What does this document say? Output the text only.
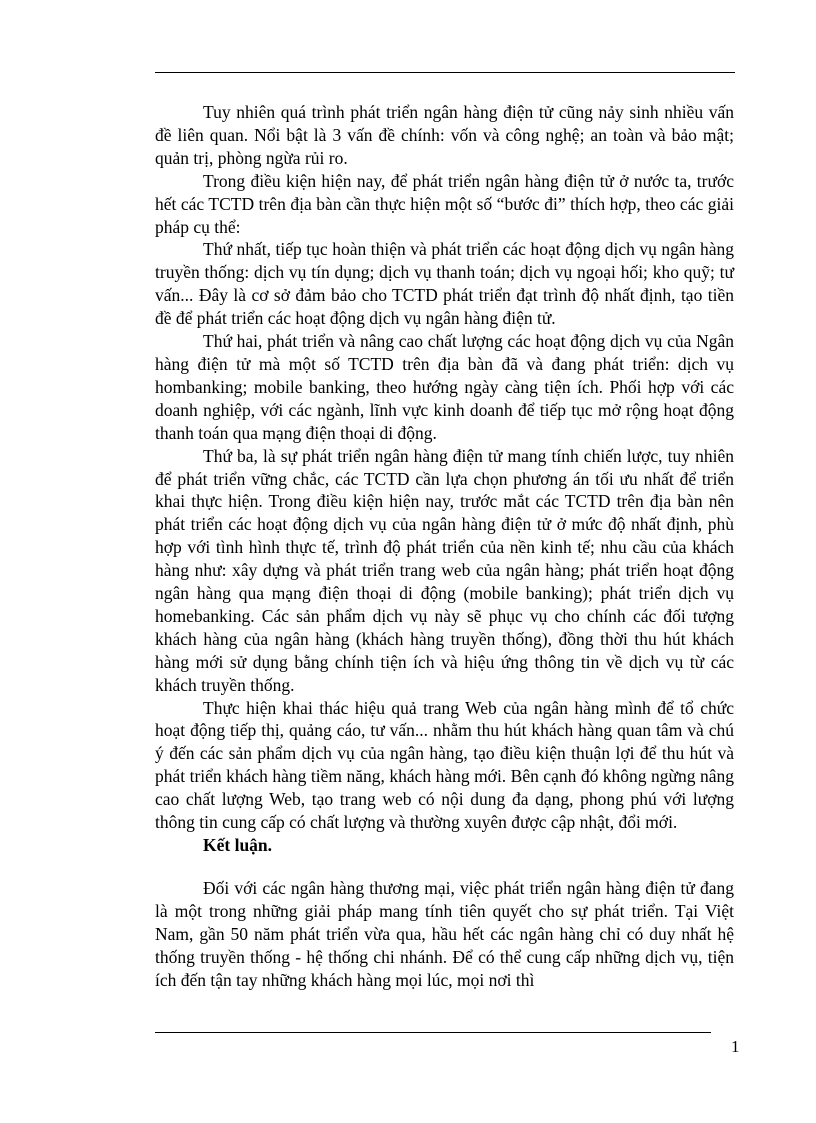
Tuy nhiên quá trình phát triển ngân hàng điện tử cũng nảy sinh nhiều vấn đề liên quan. Nổi bật là 3 vấn đề chính: vốn và công nghệ; an toàn và bảo mật; quản trị, phòng ngừa rủi ro.

Trong điều kiện hiện nay, để phát triển ngân hàng điện tử ở nước ta, trước hết các TCTD trên địa bàn cần thực hiện một số “bước đi” thích hợp, theo các giải pháp cụ thể:

Thứ nhất, tiếp tục hoàn thiện và phát triển các hoạt động dịch vụ ngân hàng truyền thống: dịch vụ tín dụng; dịch vụ thanh toán; dịch vụ ngoại hối; kho quỹ; tư vấn... Đây là cơ sở đảm bảo cho TCTD phát triển đạt trình độ nhất định, tạo tiền đề để phát triển các hoạt động dịch vụ ngân hàng điện tử.

Thứ hai, phát triển và nâng cao chất lượng các hoạt động dịch vụ của Ngân hàng điện tử mà một số TCTD trên địa bàn đã và đang phát triển: dịch vụ hombanking; mobile banking, theo hướng ngày càng tiện ích. Phối hợp với các doanh nghiệp, với các ngành, lĩnh vực kinh doanh để tiếp tục mở rộng hoạt động thanh toán qua mạng điện thoại di động.

Thứ ba, là sự phát triển ngân hàng điện tử mang tính chiến lược, tuy nhiên để phát triển vững chắc, các TCTD cần lựa chọn phương án tối ưu nhất để triển khai thực hiện. Trong điều kiện hiện nay, trước mắt các TCTD trên địa bàn nên phát triển các hoạt động dịch vụ của ngân hàng điện tử ở mức độ nhất định, phù hợp với tình hình thực tế, trình độ phát triển của nền kinh tế; nhu cầu của khách hàng như: xây dựng và phát triển trang web của ngân hàng; phát triển hoạt động ngân hàng qua mạng điện thoại di động (mobile banking); phát triển dịch vụ homebanking. Các sản phẩm dịch vụ này sẽ phục vụ cho chính các đối tượng khách hàng của ngân hàng (khách hàng truyền thống), đồng thời thu hút khách hàng mới sử dụng bằng chính tiện ích và hiệu ứng thông tin về dịch vụ từ các khách truyền thống.

Thực hiện khai thác hiệu quả trang Web của ngân hàng mình để tổ chức hoạt động tiếp thị, quảng cáo, tư vấn... nhằm thu hút khách hàng quan tâm và chú ý đến các sản phẩm dịch vụ của ngân hàng, tạo điều kiện thuận lợi để thu hút và phát triển khách hàng tiềm năng, khách hàng mới. Bên cạnh đó không ngừng nâng cao chất lượng Web, tạo trang web có nội dung đa dạng, phong phú với lượng thông tin cung cấp có chất lượng và thường xuyên được cập nhật, đổi mới.

Kết luận.

Đối với các ngân hàng thương mại, việc phát triển ngân hàng điện tử đang là một trong những giải pháp mang tính tiên quyết cho sự phát triển. Tại Việt Nam, gần 50 năm phát triển vừa qua, hầu hết các ngân hàng chỉ có duy nhất hệ thống truyền thống - hệ thống chi nhánh. Để có thể cung cấp những dịch vụ, tiện ích đến tận tay những khách hàng mọi lúc, mọi nơi thì

1
